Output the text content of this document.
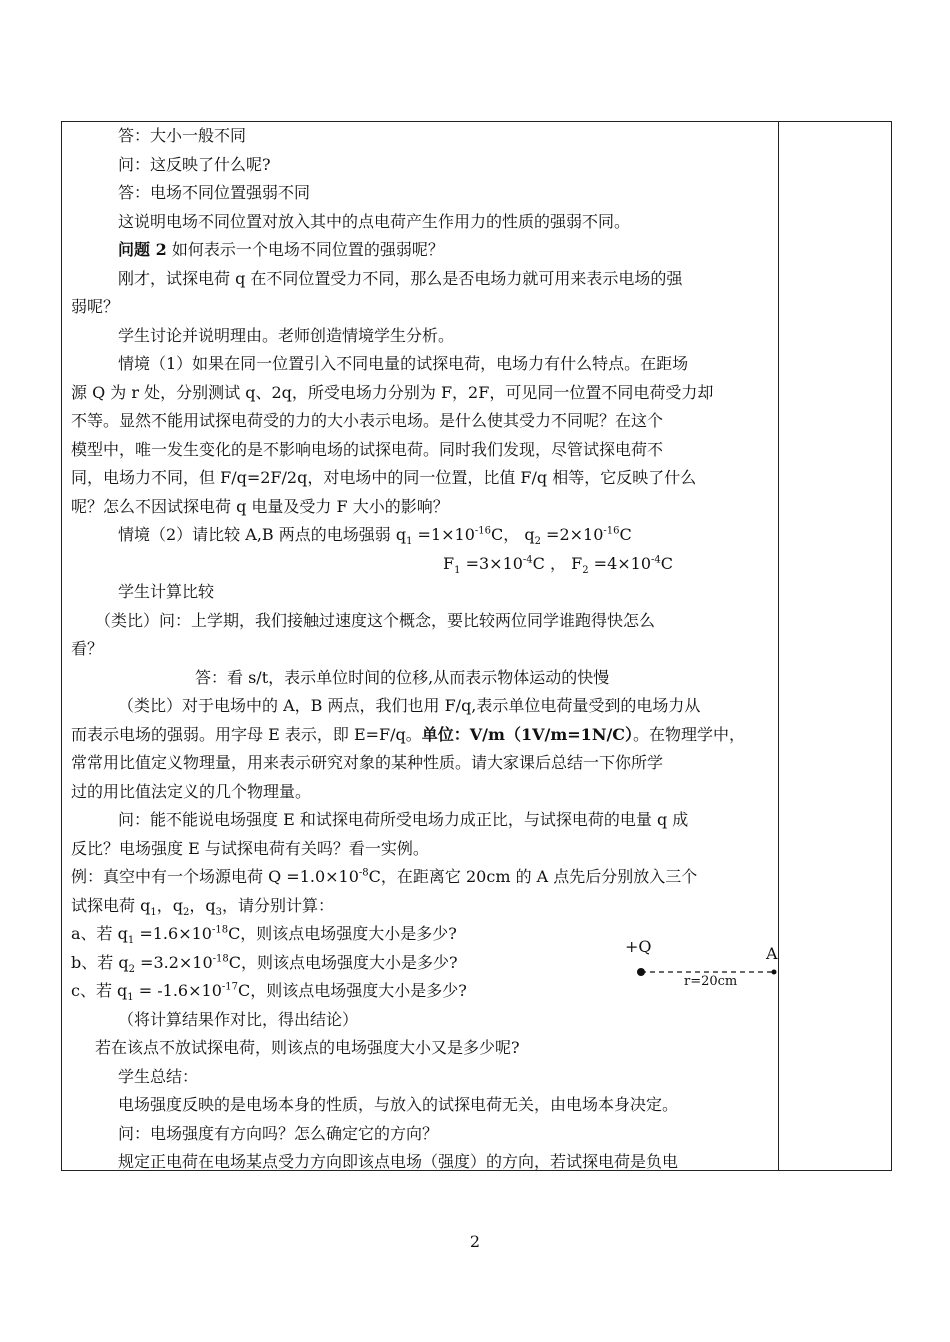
答：大小一般不同

问：这反映了什么呢?

答：电场不同位置强弱不同

这说明电场不同位置对放入其中的点电荷产生作用力的性质的强弱不同。

问题 2 如何表示一个电场不同位置的强弱呢？

刚才，试探电荷 q 在不同位置受力不同，那么是否电场力就可用来表示电场的强

弱呢？

学生讨论并说明理由。老师创造情境学生分析。

情境（1）如果在同一位置引入不同电量的试探电荷，电场力有什么特点。在距场

源 Q 为 r 处，分别测试 q、2q，所受电场力分别为 F，2F，可见同一位置不同电荷受力却

不等。显然不能用试探电荷受的力的大小表示电场。是什么使其受力不同呢？在这个

模型中，唯一发生变化的是不影响电场的试探电荷。同时我们发现，尽管试探电荷不

同，电场力不同，但 F/q=2F/2q，对电场中的同一位置，比值 F/q 相等，它反映了什么

呢？怎么不因试探电荷 q 电量及受力 F 大小的影响？

情境（2）请比较 A,B 两点的电场强弱 $q_1 =1\times 10^{-16}C$， $q_2 =2\times 10^{-16}C$

$F_1 =3\times 10^{-4}C$ ， $F_2 =4\times 10^{-4}C$

学生计算比较

（类比）问：上学期，我们接触过速度这个概念，要比较两位同学谁跑得快怎么

看？

答：看 s/t，表示单位时间的位移,从而表示物体运动的快慢

（类比）对于电场中的 A，B 两点，我们也用 F/q,表示单位电荷量受到的电场力从

而表示电场的强弱。用字母 E 表示，即 E=F/q。单位：V/m（1V/m=1N/C）。在物理学中，

常常用比值定义物理量，用来表示研究对象的某种性质。请大家课后总结一下你所学

过的用比值法定义的几个物理量。

问：能不能说电场强度 E 和试探电荷所受电场力成正比，与试探电荷的电量 q 成

反比？电场强度 E 与试探电荷有关吗？看一实例。

例：真空中有一个场源电荷 $Q =1.0\times 10^{-8}C$，在距离它 20cm 的 A 点先后分别放入三个

试探电荷 $q_1$，$q_2$，$q_3$，请分别计算：

a、若 $q_1 =1.6\times 10^{-18}C$，则该点电场强度大小是多少?

b、若 $q_2 =3.2\times 10^{-18}C$，则该点电场强度大小是多少?

c、若 $q_1 = -1.6\times 10^{-17}C$，则该点电场强度大小是多少?

（将计算结果作对比，得出结论）

若在该点不放试探电荷，则该点的电场强度大小又是多少呢?

学生总结：

电场强度反映的是电场本身的性质，与放入的试探电荷无关，由电场本身决定。

问：电场强度有方向吗？怎么确定它的方向？

规定正电荷在电场某点受力方向即该点电场（强度）的方向，若试探电荷是负电

+Q	A
r=20cm
2
